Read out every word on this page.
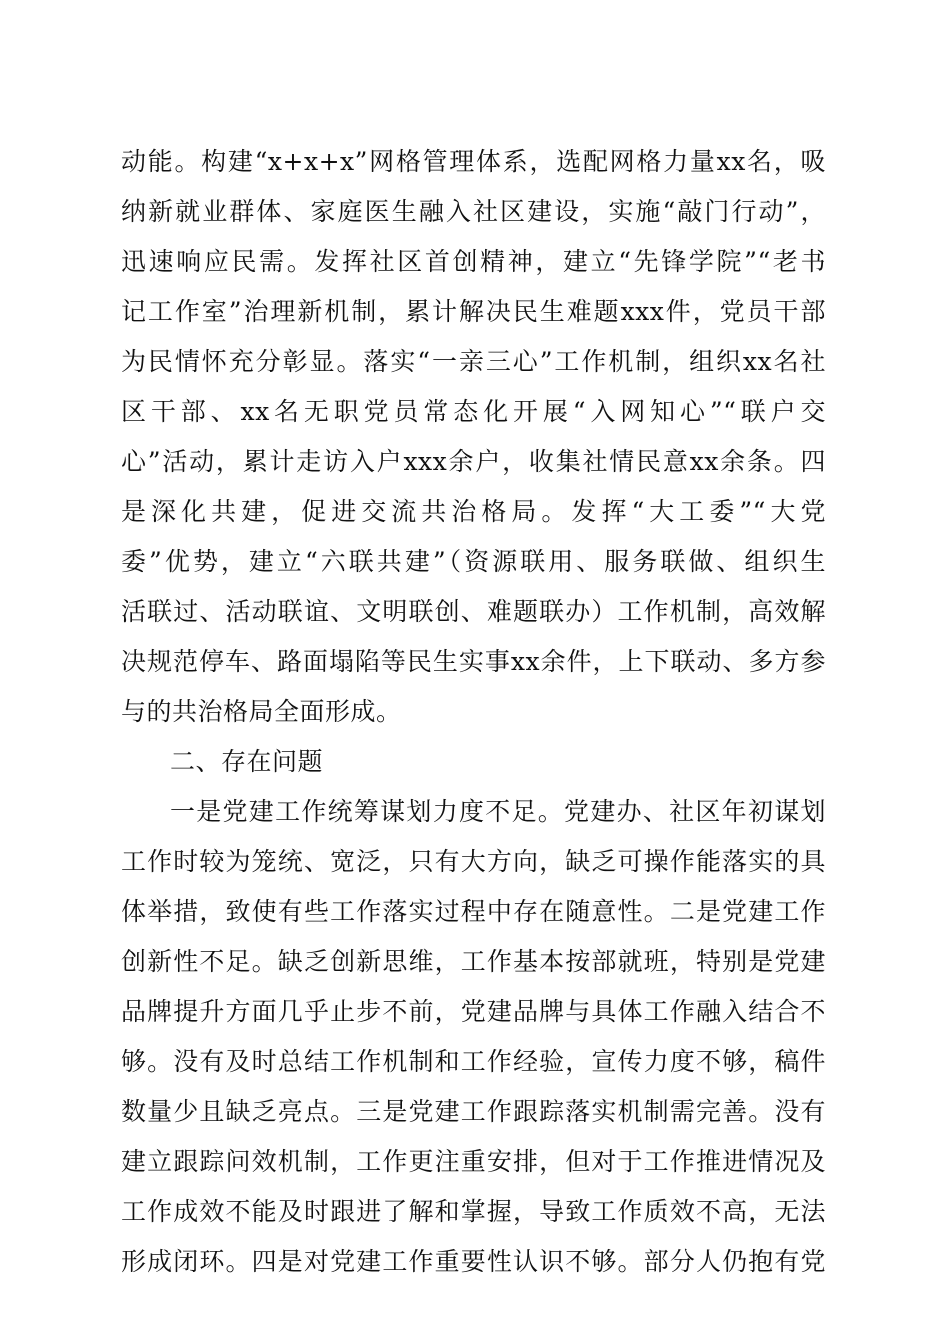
动能。构建“x+x+x”网格管理体系，选配网格力量xx名，吸
纳新就业群体、家庭医生融入社区建设，实施“敲门行动”，
迅速响应民需。发挥社区首创精神，建立“先锋学院”“老书
记工作室”治理新机制，累计解决民生难题xxx件，党员干部
为民情怀充分彰显。落实“一亲三心”工作机制，组织xx名社
区干部、xx名无职党员常态化开展“入网知心”“联户交
心”活动，累计走访入户xxx余户，收集社情民意xx余条。四
是深化共建，促进交流共治格局。发挥“大工委”“大党
委”优势，建立“六联共建”（资源联用、服务联做、组织生
活联过、活动联谊、文明联创、难题联办）工作机制，高效解
决规范停车、路面塌陷等民生实事xx余件，上下联动、多方参
与的共治格局全面形成。
二、存在问题
一是党建工作统筹谋划力度不足。党建办、社区年初谋划
工作时较为笼统、宽泛，只有大方向，缺乏可操作能落实的具
体举措，致使有些工作落实过程中存在随意性。二是党建工作
创新性不足。缺乏创新思维，工作基本按部就班，特别是党建
品牌提升方面几乎止步不前，党建品牌与具体工作融入结合不
够。没有及时总结工作机制和工作经验，宣传力度不够，稿件
数量少且缺乏亮点。三是党建工作跟踪落实机制需完善。没有
建立跟踪问效机制，工作更注重安排，但对于工作推进情况及
工作成效不能及时跟进了解和掌握，导致工作质效不高，无法
形成闭环。四是对党建工作重要性认识不够。部分人仍抱有党
